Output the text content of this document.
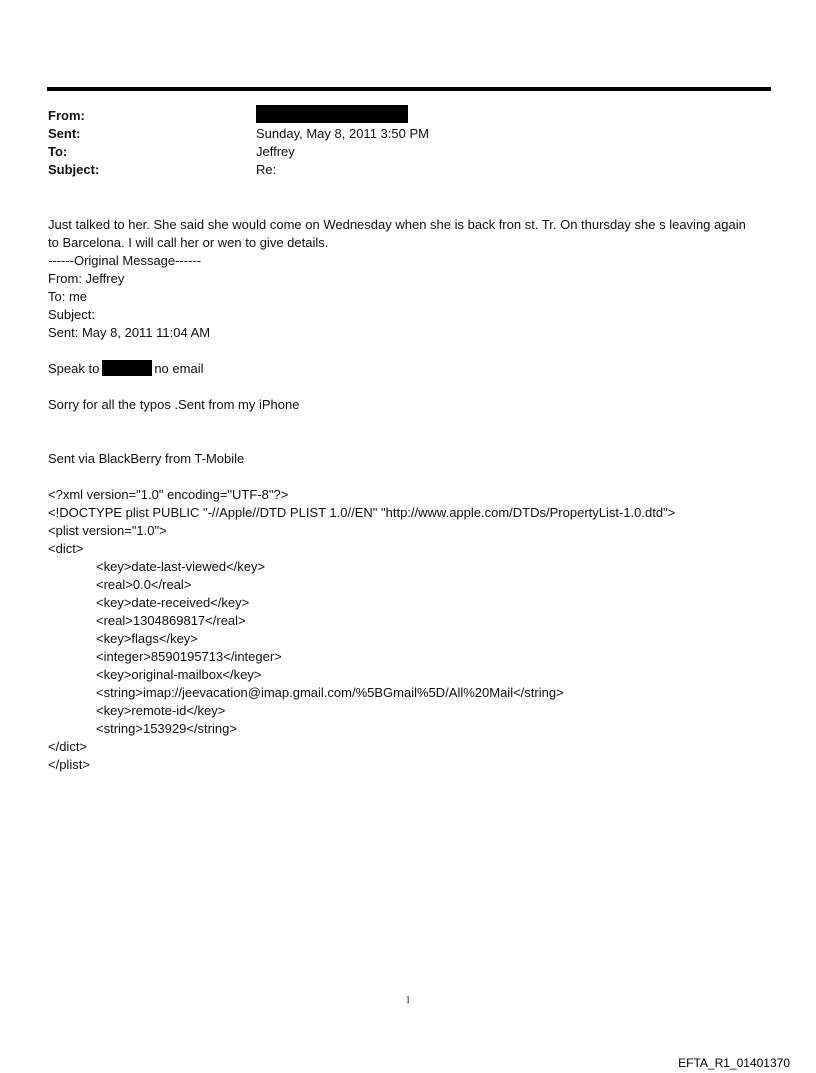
From:
Sent:	Sunday, May 8, 2011 3:50 PM
To:	Jeffrey
Subject:	Re:
Just talked to her. She said she would come on Wednesday when she is back fron st. Tr. On thursday she s leaving again
to Barcelona. I will call her or wen to give details.
------Original Message------
From: Jeffrey
To: me
Subject:
Sent: May 8, 2011 11:04 AM
Speak to	no email
Sorry for all the typos .Sent from my iPhone
Sent via BlackBerry from T-Mobile
<?xml version="1.0" encoding="UTF-8"?>
<!DOCTYPE plist PUBLIC "-//Apple//DTD PLIST 1.0//EN" "http://www.apple.com/DTDs/PropertyList-1.0.dtd">
<plist version="1.0">
<dict>
<key>date-last-viewed</key>
<real>0.0</real>
<key>date-received</key>
<real>1304869817</real>
<key>flags</key>
<integer>8590195713</integer>
<key>original-mailbox</key>
<string>imap://jeevacation@imap.gmail.com/%5BGmail%5D/All%20Mail</string>
<key>remote-id</key>
<string>153929</string>
</dict>
</plist>
1
EFTA_R1_01401370
